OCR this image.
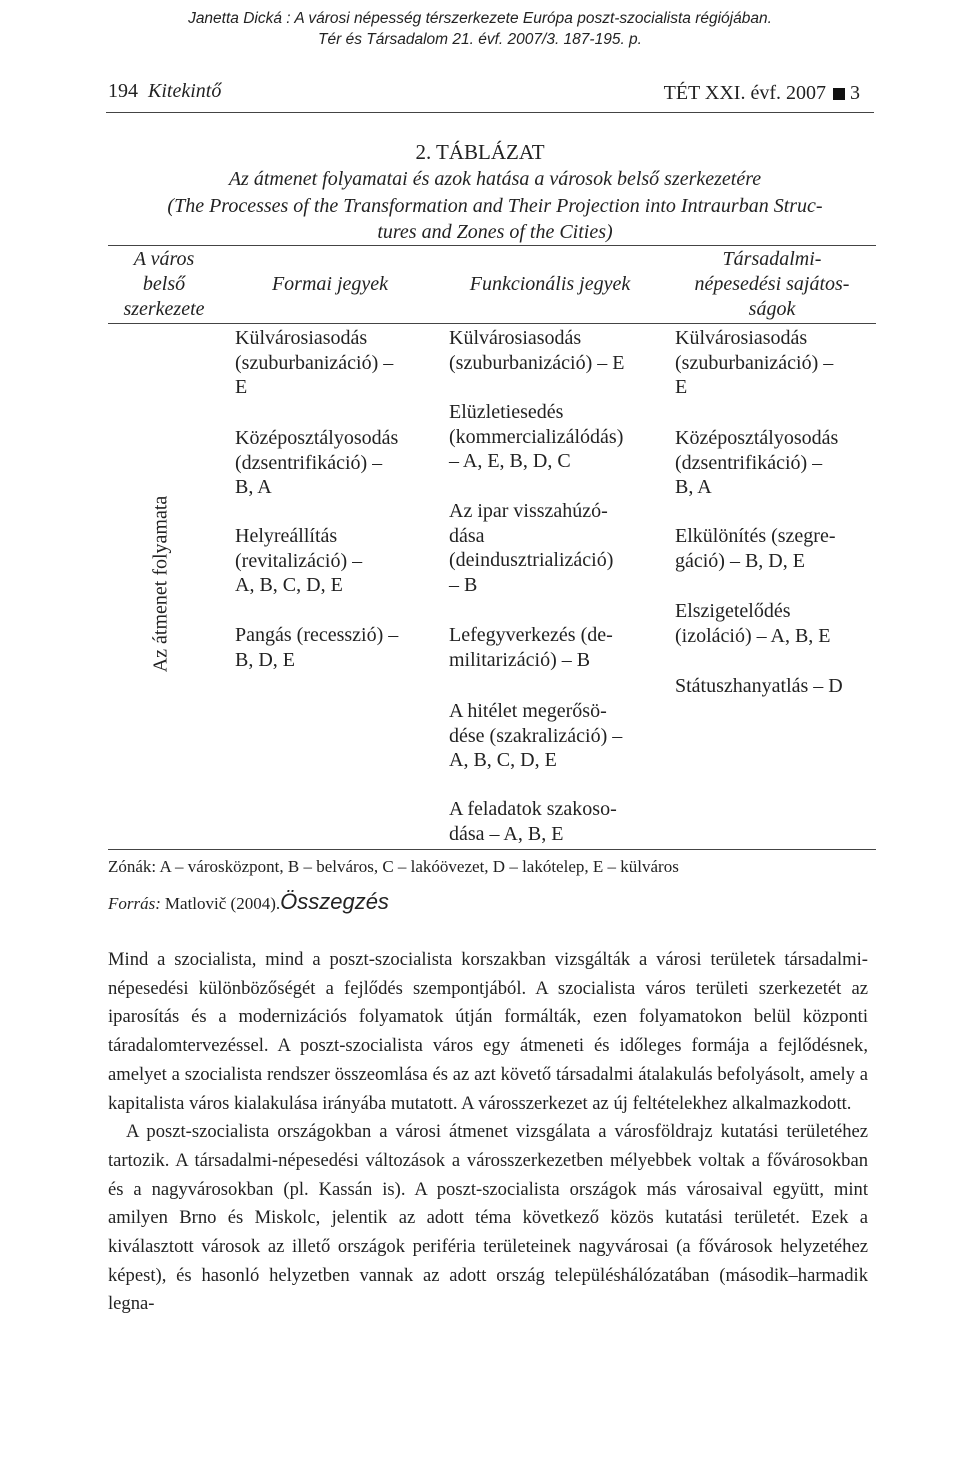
Janetta Dická : A városi népesség térszerkezete Európa poszt-szocialista régiójában.
Tér és Társadalom 21. évf. 2007/3. 187-195. p.
194 Kitekintő	TÉT XXI. évf. 2007 3
2. TÁBLÁZAT
Az átmenet folyamatai és azok hatása a városok belső szerkezetére
(The Processes of the Transformation and Their Projection into Intraurban Struc-
tures and Zones of the Cities)
A város
belső
szerkezete
Formai jegyek	Funkcionális jegyek
Társadalmi-
népesedési sajátos-
ságok
Az átmenet folyamata
Külvárosiasodás
(szuburbanizáció) –
E
Középosztályosodás
(dzsentrifikáció) –
B, A
Helyreállítás
(revitalizáció) –
A, B, C, D, E
Pangás (recesszió) –
B, D, E
Külvárosiasodás
(szuburbanizáció) – E
Elüzletiesedés
(kommercializálódás)
– A, E, B, D, C
Az ipar visszahúzó-
dása
(deindusztrializáció)
– B
Lefegyverkezés (de-
militarizáció) – B
A hitélet megerősö-
dése (szakralizáció) –
A, B, C, D, E
A feladatok szakoso-
dása – A, B, E
Külvárosiasodás
(szuburbanizáció) –
E
Középosztályosodás
(dzsentrifikáció) –
B, A
Elkülönítés (szegre-
gáció) – B, D, E
Elszigetelődés
(izoláció) – A, B, E
Státuszhanyatlás – D
Zónák: A – városközpont, B – belváros, C – lakóövezet, D – lakótelep, E – külváros
Forrás: Matlovič (2004).Összegzés

Mind a szocialista, mind a poszt-szocialista korszakban vizsgálták a városi területek társadalmi-népesedési különbözőségét a fejlődés szempontjából. A szocialista város területi szerkezetét az iparosítás és a modernizációs folyamatok útján formálták, ezen folyamatokon belül központi táradalomtervezéssel. A poszt-szocialista város egy átmeneti és időleges formája a fejlődésnek, amelyet a szocialista rendszer összeomlása és az azt követő társadalmi átalakulás befolyásolt, amely a kapitalista város kialakulása irányába mutatott. A városszerkezet az új feltételekhez alkalmazkodott.

A poszt-szocialista országokban a városi átmenet vizsgálata a városföldrajz kutatási területéhez tartozik. A társadalmi-népesedési változások a városszerkezetben mélyebbek voltak a fővárosokban és a nagyvárosokban (pl. Kassán is). A poszt-szocialista országok más városaival együtt, mint amilyen Brno és Miskolc, jelentik az adott téma következő közös kutatási területét. Ezek a kiválasztott városok az illető országok periféria területeinek nagyvárosai (a fővárosok helyzetéhez képest), és hasonló helyzetben vannak az adott ország településhálózatában (második–harmadik legna-
